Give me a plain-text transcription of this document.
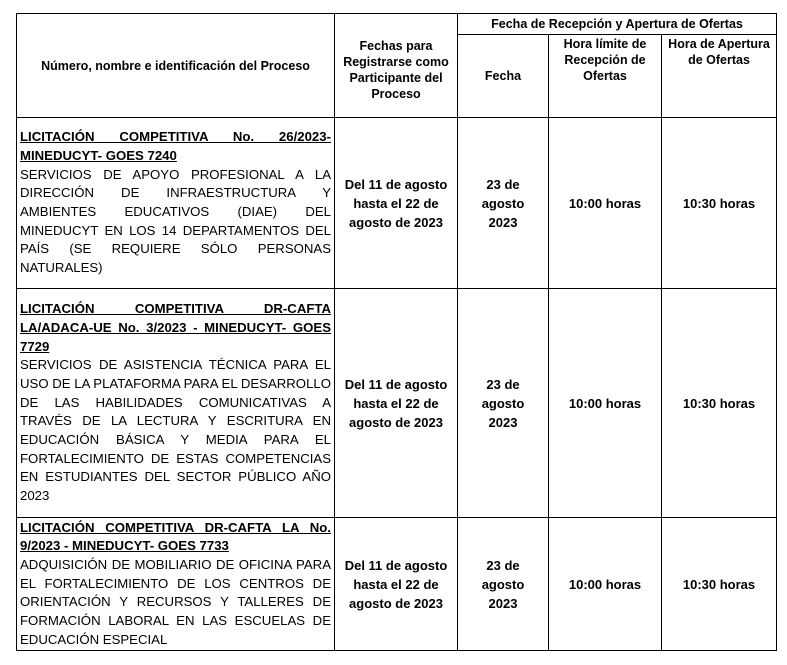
Número, nombre e identificación del Proceso	Fechas para Registrarse como Participante del Proceso	Fecha de Recepción y Apertura de Ofertas		
		Fecha	Hora límite de Recepción de Ofertas	Hora de Apertura de Ofertas

LICITACIÓN COMPETITIVA No. 26/2023- MINEDUCYT- GOES 7240
SERVICIOS DE APOYO PROFESIONAL A LA DIRECCIÓN DE INFRAESTRUCTURA Y AMBIENTES EDUCATIVOS (DIAE) DEL MINEDUCYT EN LOS 14 DEPARTAMENTOS DEL PAÍS (SE REQUIERE SÓLO PERSONAS NATURALES)	Del 11 de agosto hasta el 22 de agosto de 2023	23 de agosto 2023	10:00 horas	10:30 horas

LICITACIÓN COMPETITIVA DR-CAFTA LA/ADACA-UE No. 3/2023 - MINEDUCYT- GOES 7729
SERVICIOS DE ASISTENCIA TÉCNICA PARA EL USO DE LA PLATAFORMA PARA EL DESARROLLO DE LAS HABILIDADES COMUNICATIVAS A TRAVÉS DE LA LECTURA Y ESCRITURA EN EDUCACIÓN BÁSICA Y MEDIA PARA EL FORTALECIMIENTO DE ESTAS COMPETENCIAS EN ESTUDIANTES DEL SECTOR PÚBLICO AÑO 2023	Del 11 de agosto hasta el 22 de agosto de 2023	23 de agosto 2023	10:00 horas	10:30 horas

LICITACIÓN COMPETITIVA DR-CAFTA LA No. 9/2023 - MINEDUCYT- GOES 7733
ADQUISICIÓN DE MOBILIARIO DE OFICINA PARA EL FORTALECIMIENTO DE LOS CENTROS DE ORIENTACIÓN Y RECURSOS Y TALLERES DE FORMACIÓN LABORAL EN LAS ESCUELAS DE EDUCACIÓN ESPECIAL	Del 11 de agosto hasta el 22 de agosto de 2023	23 de agosto 2023	10:00 horas	10:30 horas
